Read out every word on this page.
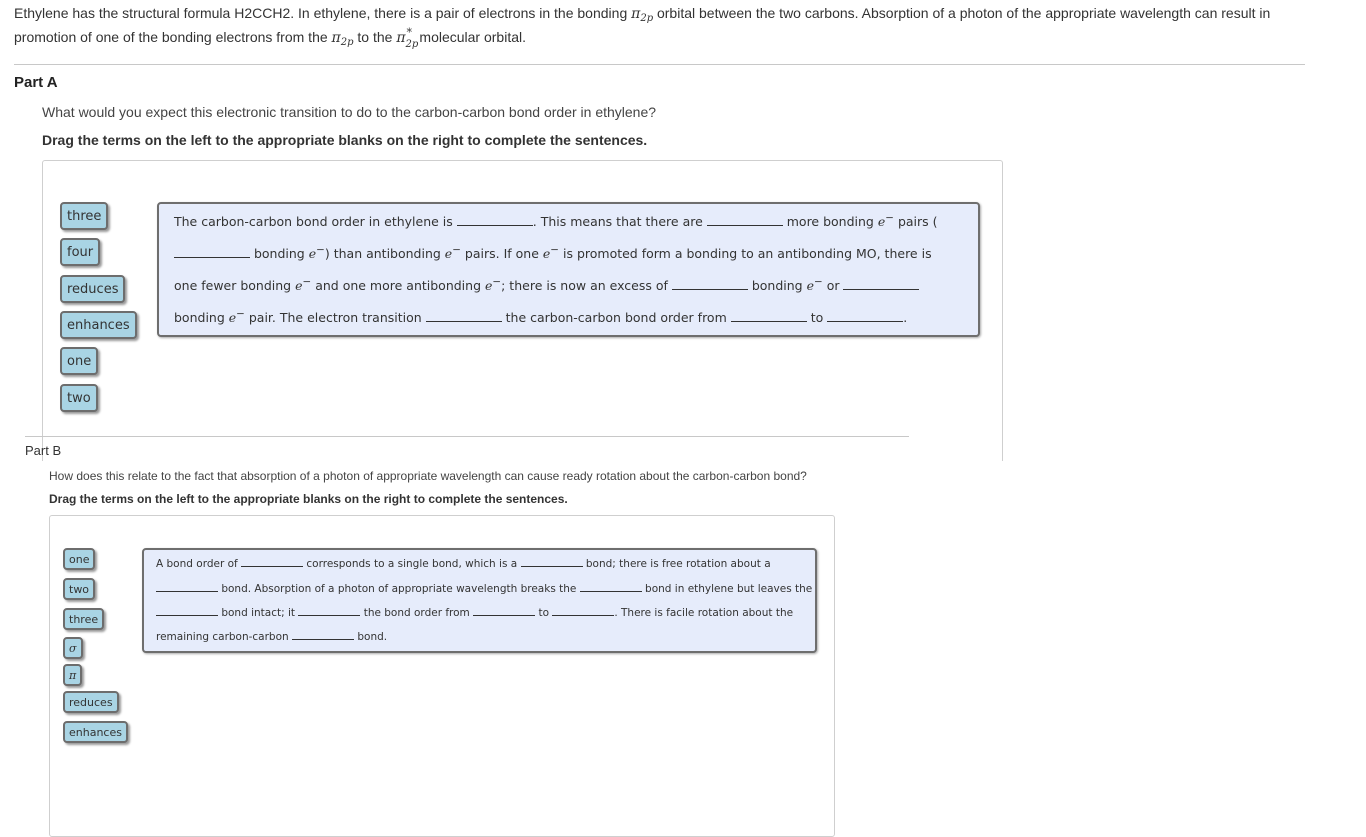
Ethylene has the structural formula H2CCH2. In ethylene, there is a pair of electrons in the bonding $\pi_{2p}$ orbital between the two carbons. Absorption of a photon of the appropriate wavelength can result in promotion of one of the bonding electrons from the $\pi_{2p}$ to the π *
2p
molecular orbital.
Part A
What would you expect this electronic transition to do to the carbon-carbon bond order in ethylene?
Drag the terms on the left to the appropriate blanks on the right to complete the sentences.
three
four
reduces
enhances
one
two
The carbon-carbon bond order in ethylene is	. This means that there are	more bonding e− pairs (
bonding e−) than antibonding e− pairs. If one e− is promoted form a bonding to an antibonding MO, there is
one fewer bonding e− and one more antibonding e−; there is now an excess of	bonding e− or
bonding e− pair. The electron transition	the carbon-carbon bond order from	to	.
Part B
How does this relate to the fact that absorption of a photon of appropriate wavelength can cause ready rotation about the carbon-carbon bond?
Drag the terms on the left to the appropriate blanks on the right to complete the sentences.
one
two
three
σ
π
reduces
enhances
A bond order of	corresponds to a single bond, which is a	bond; there is free rotation about a
bond. Absorption of a photon of appropriate wavelength breaks the	bond in ethylene but leaves the
bond intact; it	the bond order from	to	. There is facile rotation about the
remaining carbon-carbon	bond.
